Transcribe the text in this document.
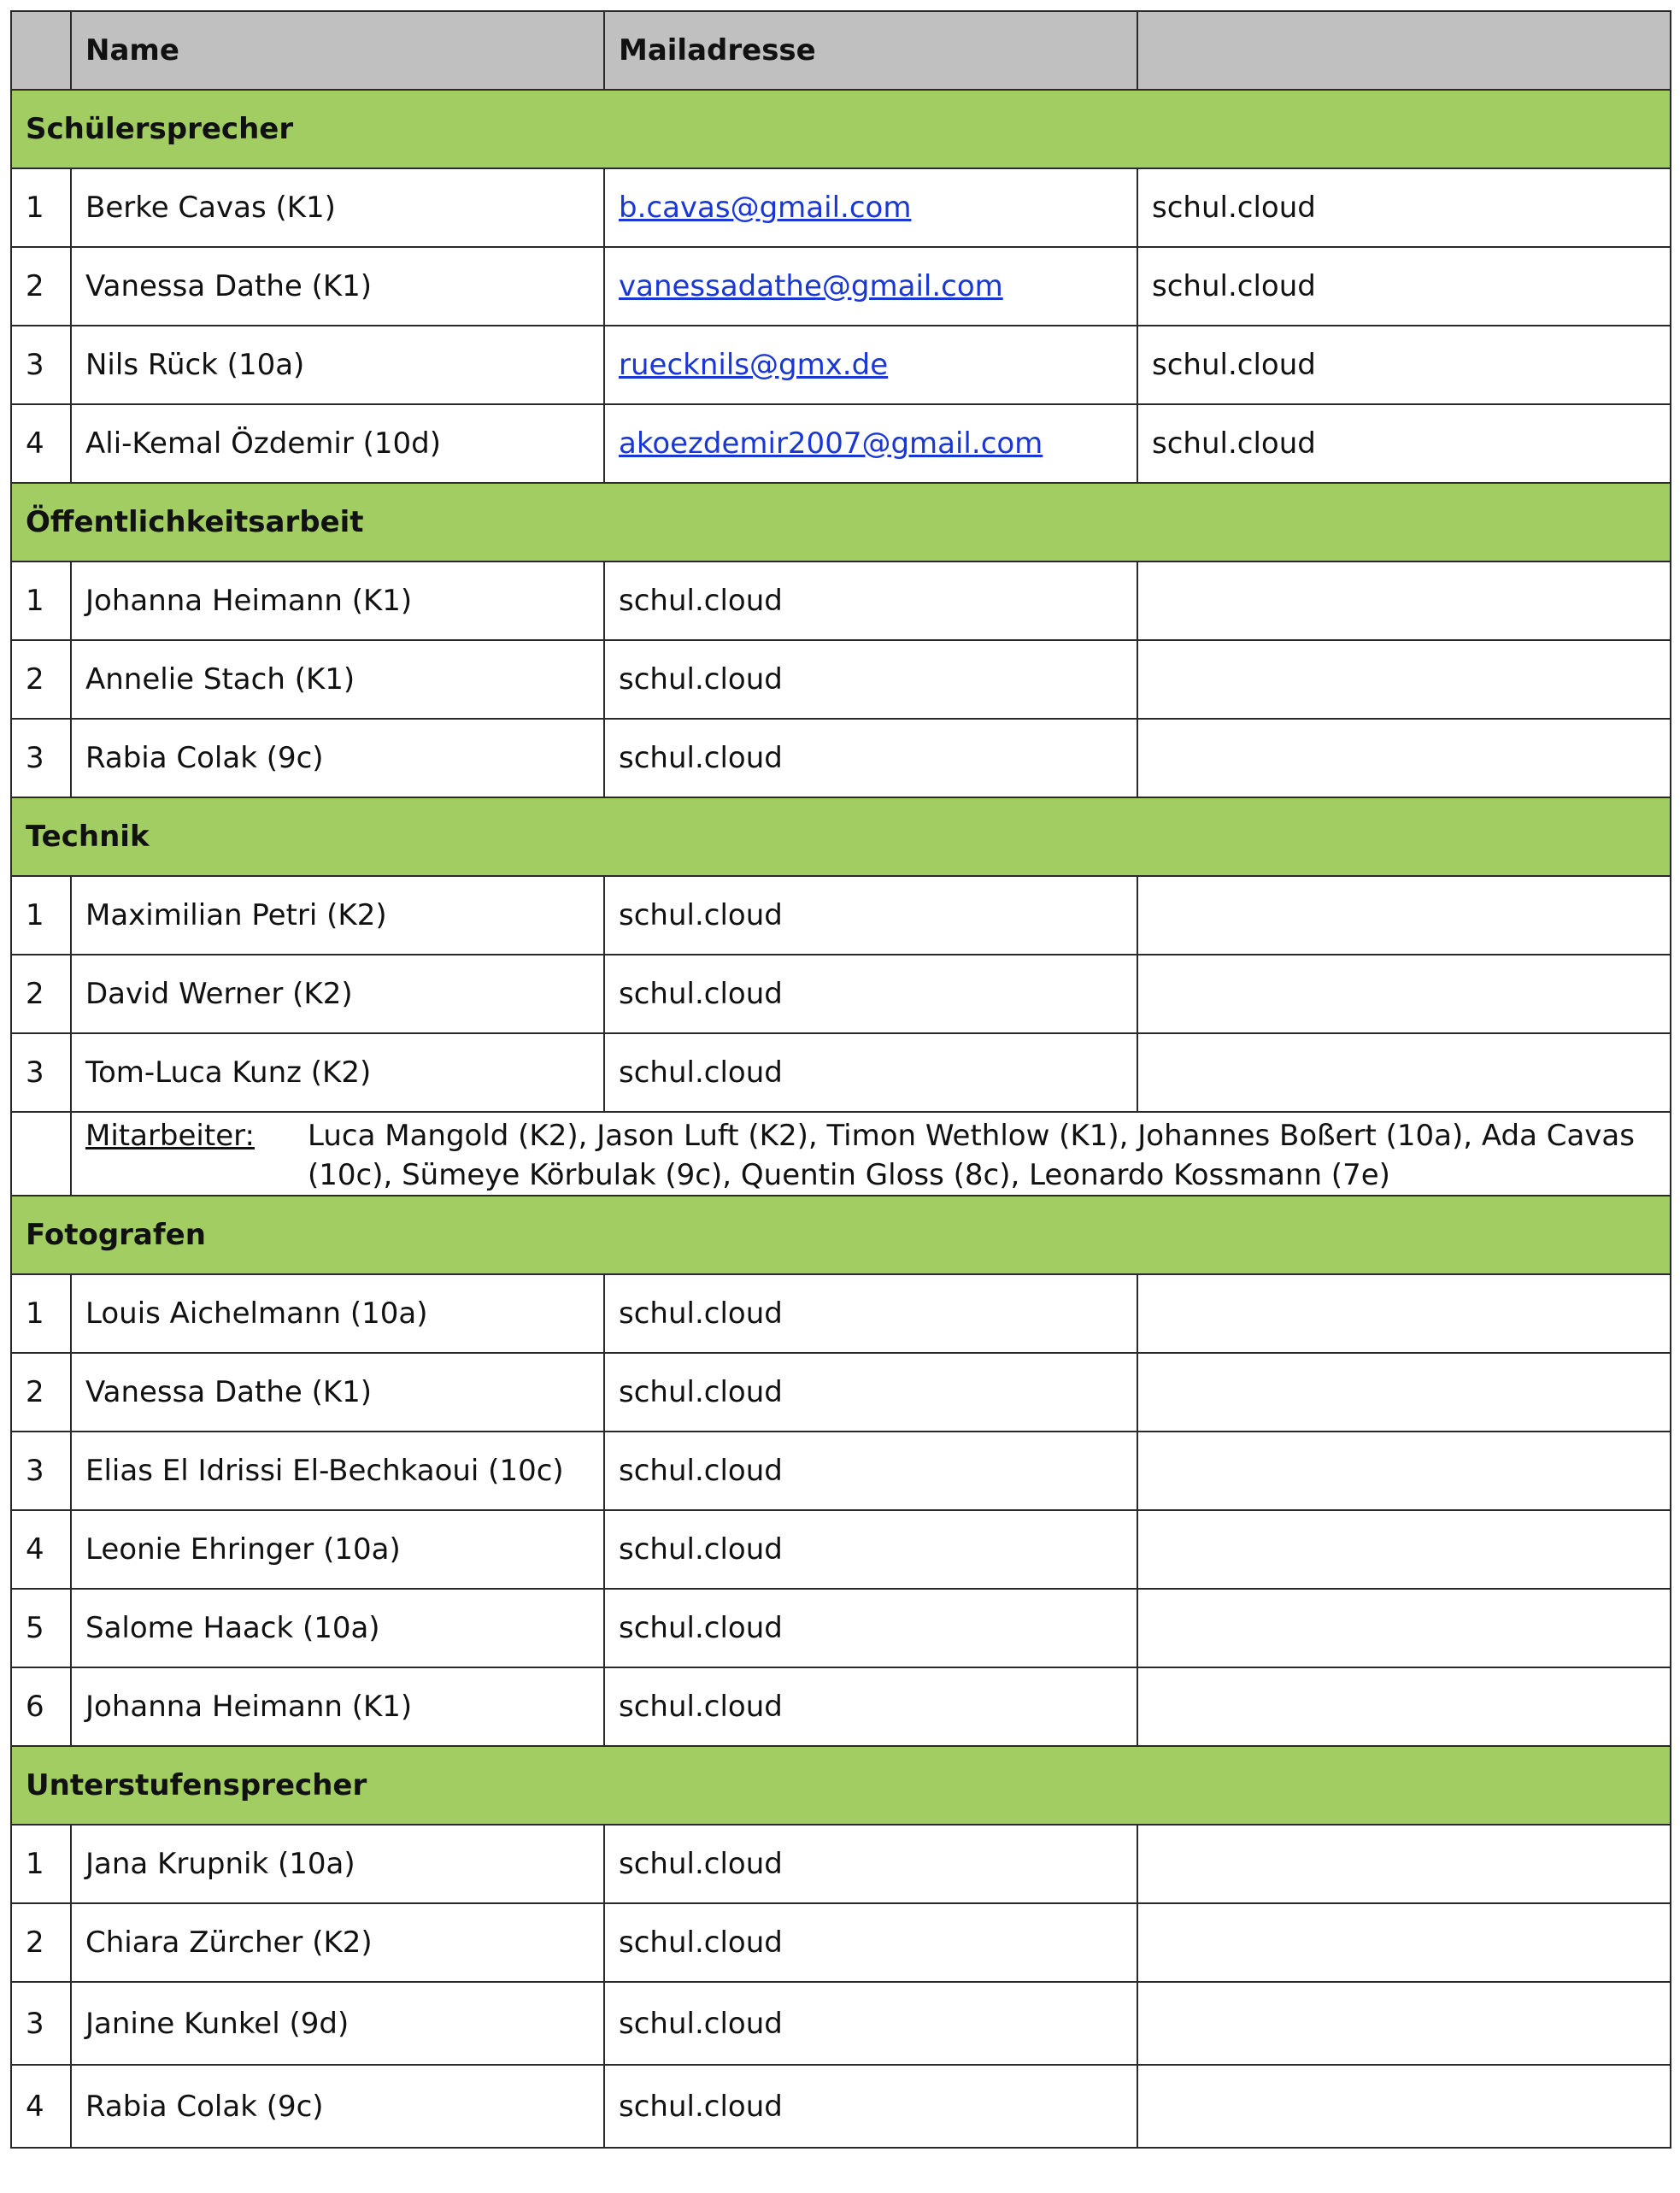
	Name	Mailadresse	
Schülersprecher			
1	Berke Cavas (K1)	b.cavas@gmail.com	schul.cloud
2	Vanessa Dathe (K1)	vanessadathe@gmail.com	schul.cloud
3	Nils Rück (10a)	ruecknils@gmx.de	schul.cloud
4	Ali-Kemal Özdemir (10d)	akoezdemir2007@gmail.com	schul.cloud
Öffentlichkeitsarbeit			
1	Johanna Heimann (K1)	schul.cloud	
2	Annelie Stach (K1)	schul.cloud	
3	Rabia Colak (9c)	schul.cloud	
Technik			
1	Maximilian Petri (K2)	schul.cloud	
2	David Werner (K2)	schul.cloud	
3	Tom-Luca Kunz (K2)	schul.cloud	

	Mitarbeiter: Luca Mangold (K2), Jason Luft (K2), Timon Wethlow (K1), Johannes Boßert (10a), Ada Cavas (10c), Sümeye Körbulak (9c), Quentin Gloss (8c), Leonardo Kossmann (7e)		

Fotografen			
1	Louis Aichelmann (10a)	schul.cloud	
2	Vanessa Dathe (K1)	schul.cloud	
3	Elias El Idrissi El-Bechkaoui (10c)	schul.cloud	
4	Leonie Ehringer (10a)	schul.cloud	
5	Salome Haack (10a)	schul.cloud	
6	Johanna Heimann (K1)	schul.cloud	
Unterstufensprecher			
1	Jana Krupnik (10a)	schul.cloud	
2	Chiara Zürcher (K2)	schul.cloud	
3	Janine Kunkel (9d)	schul.cloud	
4	Rabia Colak (9c)	schul.cloud	
